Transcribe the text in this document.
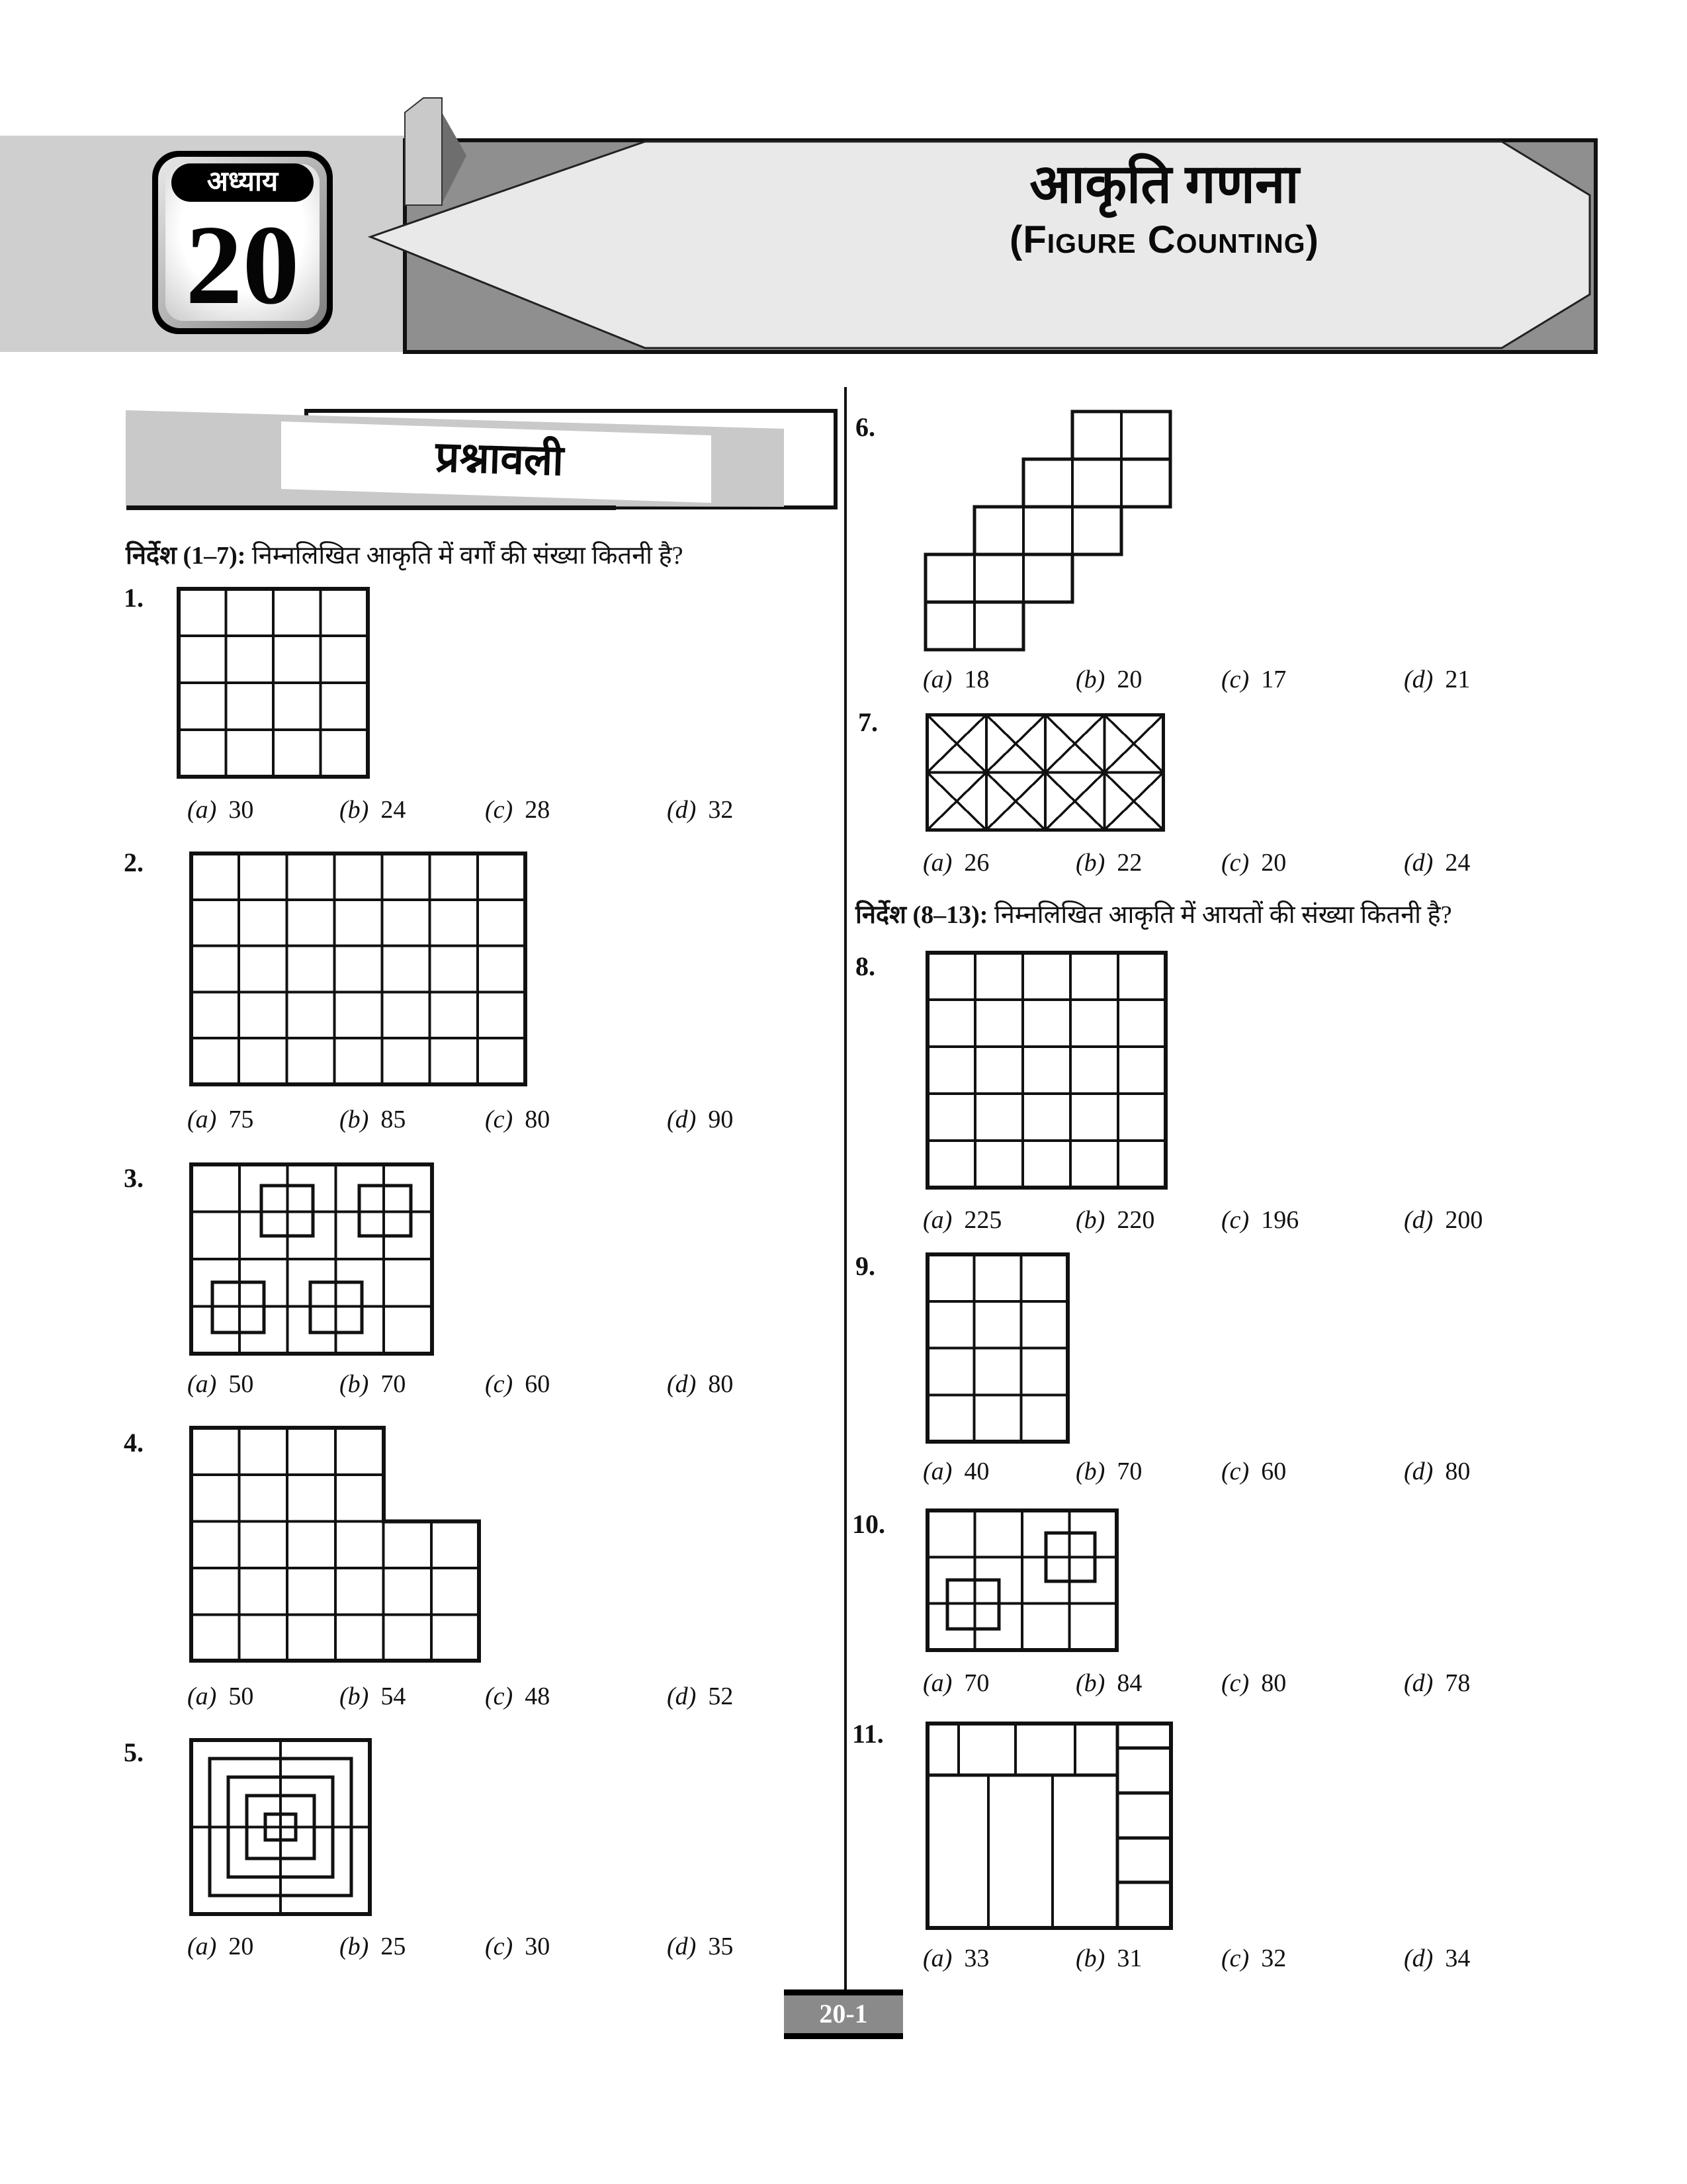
आकृति गणना
(Figure Counting)
अध्याय
20
प्रश्नावली
निर्देश (1–7): निम्नलिखित आकृति में वर्गों की संख्या कितनी है?
निर्देश (8–13): निम्नलिखित आकृति में आयतों की संख्या कितनी है?
1.
(a) 30	(b) 24	(c) 28	(d) 32
2.
(a) 75	(b) 85	(c) 80	(d) 90
3.
(a) 50	(b) 70	(c) 60	(d) 80
4.
(a) 50	(b) 54	(c) 48	(d) 52
5.
(a) 20	(b) 25	(c) 30	(d) 35
6.
(a) 18	(b) 20	(c) 17	(d) 21
7.
(a) 26	(b) 22	(c) 20	(d) 24
8.
(a) 225	(b) 220	(c) 196	(d) 200
9.
(a) 40	(b) 70	(c) 60	(d) 80
10.
(a) 70	(b) 84	(c) 80	(d) 78
11.
(a) 33	(b) 31	(c) 32	(d) 34
20-1
